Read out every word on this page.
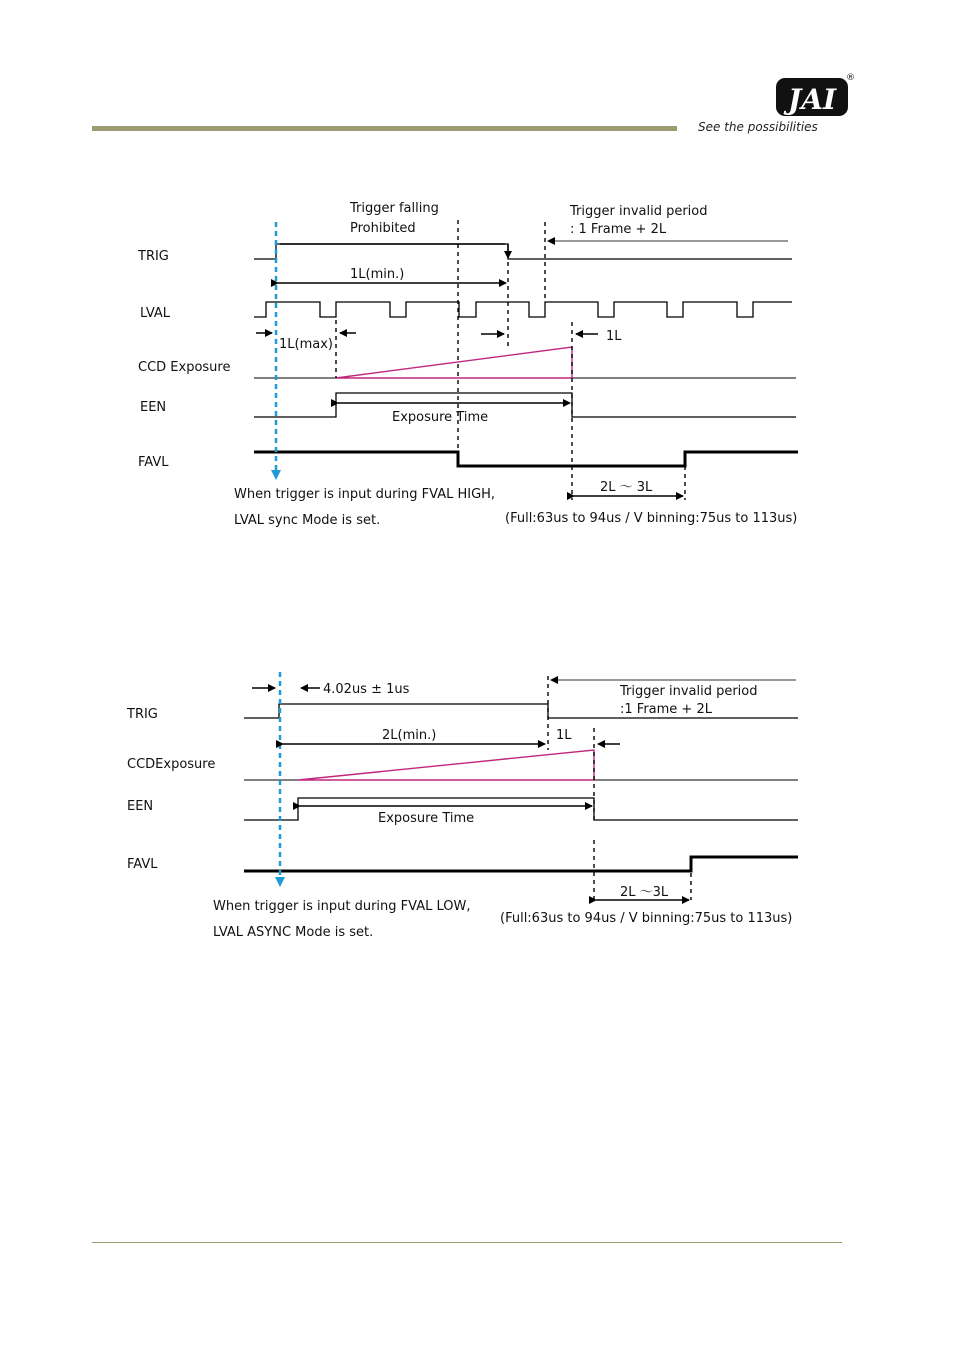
JAI
®
See the possibilities
TRIG
LVAL
CCD Exposure
EEN
FAVL
Trigger falling
Prohibited
Trigger invalid period
: 1 Frame + 2L
1L(min.)
1L(max)
1L
Exposure Time
2L 〜 3L
When trigger is input during FVAL HIGH,
LVAL sync Mode is set.	(Full:63us to 94us / V binning:75us to 113us)
TRIG
CCDExposure
EEN
FAVL
4.02us ± 1us	Trigger invalid period
:1 Frame + 2L
2L(min.)	1L
Exposure Time
2L 〜3L
When trigger is input during FVAL LOW,
LVAL ASYNC Mode is set.
(Full:63us to 94us / V binning:75us to 113us)
